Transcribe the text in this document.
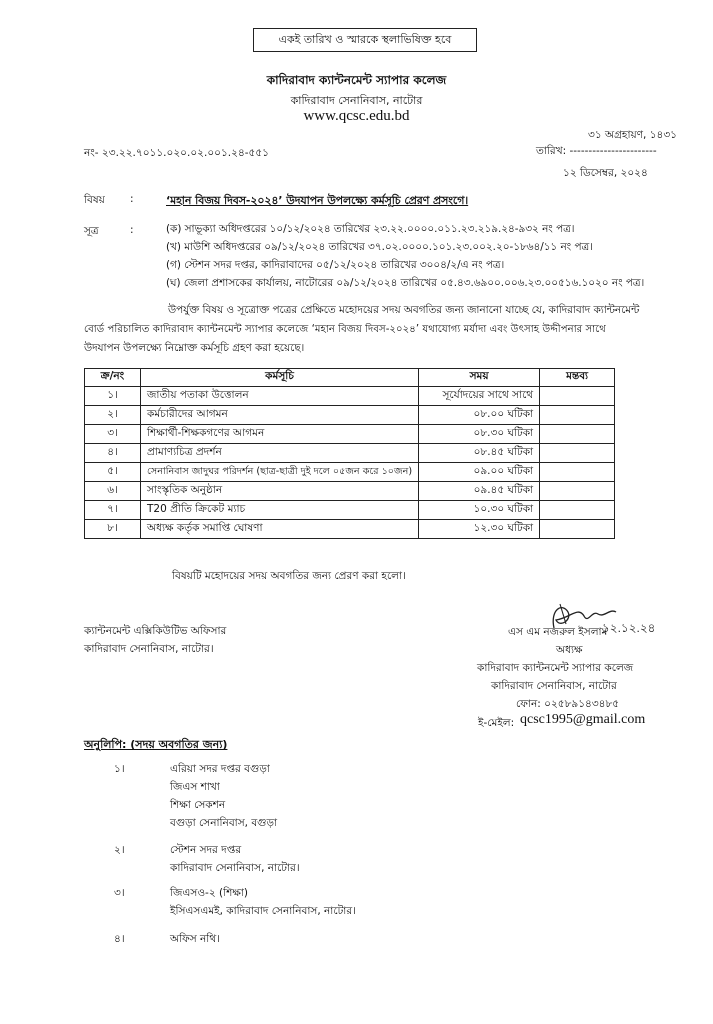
একই তারিখ ও স্মারকে স্থলাভিষিক্ত হবে
কাদিরাবাদ ক্যান্টনমেন্ট স্যাপার কলেজ
কাদিরাবাদ সেনানিবাস, নাটোর
www.qcsc.edu.bd
৩১ অগ্রহায়ণ, ১৪৩১
নং- ২৩.২২.৭০১১.০২০.০২.০০১.২৪-৫৫১	তারিখ: -----------------------
১২ ডিসেম্বর, ২০২৪
বিষয় :	‘মহান বিজয় দিবস-২০২৪’ উদযাপন উপলক্ষ্যে কর্মসূচি প্রেরণ প্রসংগে।
সূত্র	:	(ক) সাভূক্যা অধিদপ্তরের ১০/১২/২০২৪ তারিখের ২৩.২২.০০০০.০১১.২৩.২১৯.২৪-৯৩২ নং পত্র।
(খ) মাউশি অধিদপ্তরের ০৯/১২/২০২৪ তারিখের ৩৭.০২.০০০০.১০১.২৩.০০২.২০-১৮৬৪/১১ নং পত্র।
(গ) স্টেশন সদর দপ্তর, কাদিরাবাদের ০৫/১২/২০২৪ তারিখের ৩০০৪/২/এ নং পত্র।
(ঘ) জেলা প্রশাসকের কার্যালয়, নাটোরের ০৯/১২/২০২৪ তারিখের ০৫.৪৩.৬৯০০.০০৬.২৩.০০৫১৬.১০২০ নং পত্র।
উপর্যুক্ত বিষয় ও সূত্রোক্ত পত্রের প্রেক্ষিতে মহোদয়ের সদয় অবগতির জন্য জানানো যাচ্ছে যে, কাদিরাবাদ ক্যান্টনমেন্ট
বোর্ড পরিচালিত কাদিরাবাদ ক্যান্টনমেন্ট স্যাপার কলেজে ‘মহান বিজয় দিবস-২০২৪’ যথাযোগ্য মর্যাদা এবং উৎসাহ উদ্দীপনার সাথে
উদযাপন উপলক্ষ্যে নিম্নোক্ত কর্মসূচি গ্রহণ করা হয়েছে।
ক্র/নং	কর্মসূচি	সময়	মন্তব্য
১।	জাতীয় পতাকা উত্তোলন	সূর্যোদয়ের সাথে সাথে	
২।	কর্মচারীদের আগমন	০৮.০০ ঘটিকা	
৩।	শিক্ষার্থী-শিক্ষকগণের আগমন	০৮.৩০ ঘটিকা	
৪।	প্রামাণ্যচিত্র প্রদর্শন	০৮.৪৫ ঘটিকা	
৫।	সেনানিবাস জাদুঘর পরিদর্শন (ছাত্র-ছাত্রী দুই দলে ০৫জন করে ১০জন)	০৯.০০ ঘটিকা	
৬।	সাংস্কৃতিক অনুষ্ঠান	০৯.৪৫ ঘটিকা	
৭।	T20 প্রীতি ক্রিকেট ম্যাচ	১০.৩০ ঘটিকা	
৮।	অধ্যক্ষ কর্তৃক সমাপ্তি ঘোষণা	১২.৩০ ঘটিকা	
বিষয়টি মহোদয়ের সদয় অবগতির জন্য প্রেরণ করা হলো।
ক্যান্টনমেন্ট এক্সিকিউটিভ অফিসার
কাদিরাবাদ সেনানিবাস, নাটোর।
১২.১২.২৪
এস এম নজরুল ইসলাম
অধ্যক্ষ
কাদিরাবাদ ক্যান্টনমেন্ট স্যাপার কলেজ
কাদিরাবাদ সেনানিবাস, নাটোর
ফোন: ০২৫৮৯১৪৩৪৮৫
ই-মেইল: qcsc1995@gmail.com
অনুলিপি: (সদয় অবগতির জন্য)
১।	এরিয়া সদর দপ্তর বগুড়া
জিএস শাখা
শিক্ষা সেকশন
বগুড়া সেনানিবাস, বগুড়া
২।	স্টেশন সদর দপ্তর
কাদিরাবাদ সেনানিবাস, নাটোর।
৩।	জিএসও-২ (শিক্ষা)
ইসিএসএমই, কাদিরাবাদ সেনানিবাস, নাটোর।
৪।	অফিস নথি।
